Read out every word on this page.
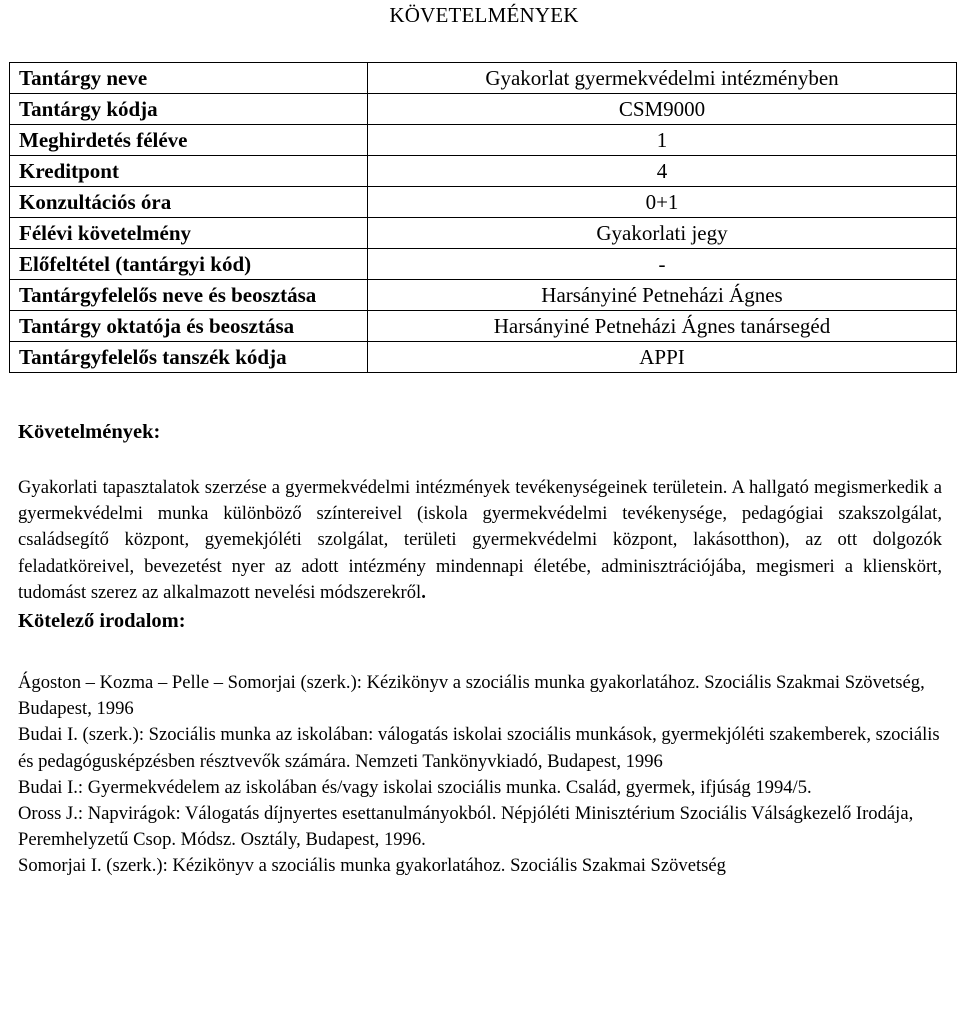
KÖVETELMÉNYEK
Tantárgy neve	Gyakorlat gyermekvédelmi intézményben
Tantárgy kódja	CSM9000
Meghirdetés féléve	1
Kreditpont	4
Konzultációs óra	0+1
Félévi követelmény	Gyakorlati jegy
Előfeltétel (tantárgyi kód)	-
Tantárgyfelelős neve és beosztása	Harsányiné Petneházi Ágnes
Tantárgy oktatója és beosztása	Harsányiné Petneházi Ágnes tanársegéd
Tantárgyfelelős tanszék kódja	APPI

Követelmények:

Gyakorlati tapasztalatok szerzése a gyermekvédelmi intézmények tevékenységeinek területein. A hallgató megismerkedik a gyermekvédelmi munka különböző színtereivel (iskola gyermekvédelmi tevékenysége, pedagógiai szakszolgálat, családsegítő központ, gyemekjóléti szolgálat, területi gyermekvédelmi központ, lakásotthon), az ott dolgozók feladatköreivel, bevezetést nyer az adott intézmény mindennapi életébe, adminisztrációjába, megismeri a klienskört, tudomást szerez az alkalmazott nevelési módszerekről.

Kötelező irodalom:

Ágoston – Kozma – Pelle – Somorjai (szerk.): Kézikönyv a szociális munka gyakorlatához. Szociális Szakmai Szövetség, Budapest, 1996

Budai I. (szerk.): Szociális munka az iskolában: válogatás iskolai szociális munkások, gyermekjóléti szakemberek, szociális és pedagógusképzésben résztvevők számára. Nemzeti Tankönyvkiadó, Budapest, 1996

Budai I.: Gyermekvédelem az iskolában és/vagy iskolai szociális munka. Család, gyermek, ifjúság 1994/5.

Oross J.: Napvirágok: Válogatás díjnyertes esettanulmányokból. Népjóléti Minisztérium Szociális Válságkezelő Irodája, Peremhelyzetű Csop. Módsz. Osztály, Budapest, 1996.

Somorjai I. (szerk.): Kézikönyv a szociális munka gyakorlatához. Szociális Szakmai Szövetség
